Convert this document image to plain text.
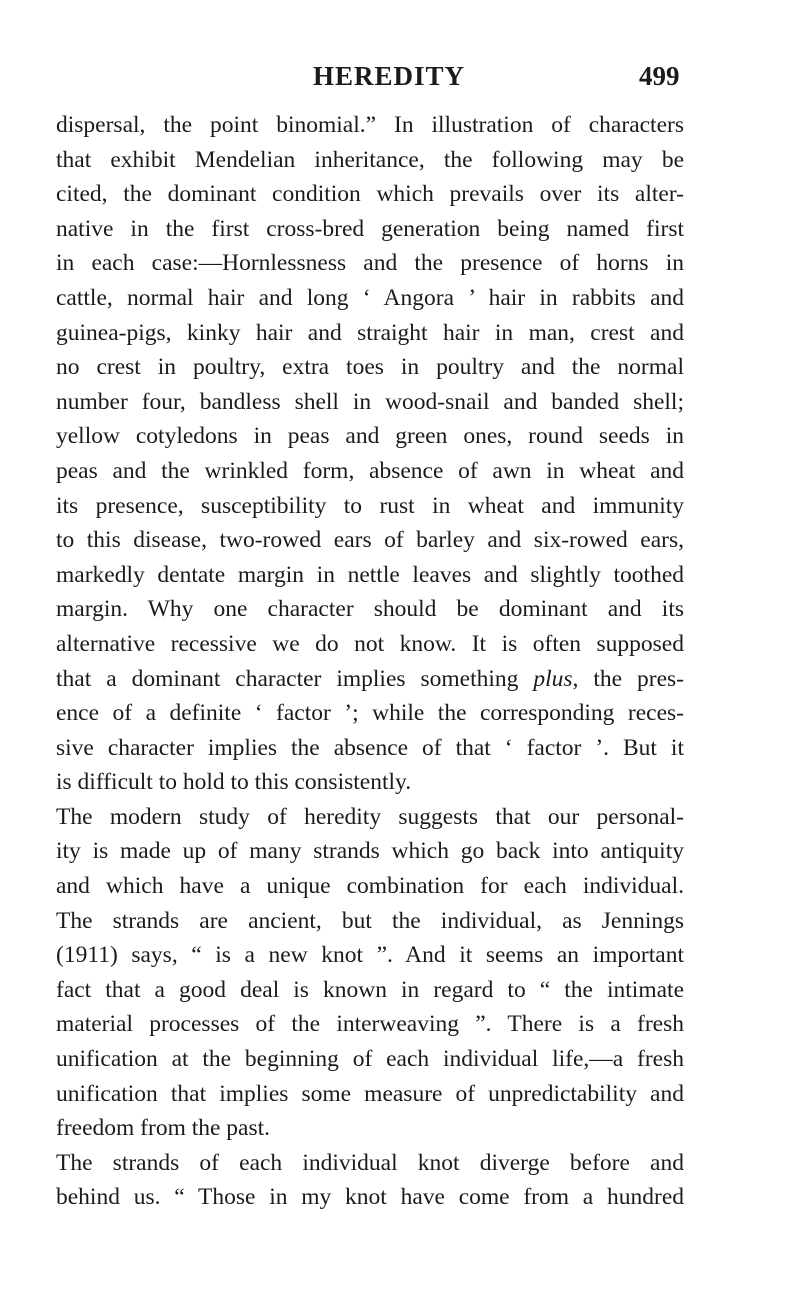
HEREDITY	499
dispersal, the point binomial.” In illustration of characters
that exhibit Mendelian inheritance, the following may be
cited, the dominant condition which prevails over its alter-
native in the first cross-bred generation being named first
in each case:—Hornlessness and the presence of horns in
cattle, normal hair and long ‘ Angora ’ hair in rabbits and
guinea-pigs, kinky hair and straight hair in man, crest and
no crest in poultry, extra toes in poultry and the normal
number four, bandless shell in wood-snail and banded shell;
yellow cotyledons in peas and green ones, round seeds in
peas and the wrinkled form, absence of awn in wheat and
its presence, susceptibility to rust in wheat and immunity
to this disease, two-rowed ears of barley and six-rowed ears,
markedly dentate margin in nettle leaves and slightly toothed
margin. Why one character should be dominant and its
alternative recessive we do not know. It is often supposed
that a dominant character implies something plus, the pres-
ence of a definite ‘ factor ’; while the corresponding reces-
sive character implies the absence of that ‘ factor ’. But it
is difficult to hold to this consistently.
The modern study of heredity suggests that our personal-
ity is made up of many strands which go back into antiquity
and which have a unique combination for each individual.
The strands are ancient, but the individual, as Jennings
(1911) says, “ is a new knot ”. And it seems an important
fact that a good deal is known in regard to “ the intimate
material processes of the interweaving ”. There is a fresh
unification at the beginning of each individual life,—a fresh
unification that implies some measure of unpredictability and
freedom from the past.
The strands of each individual knot diverge before and
behind us. “ Those in my knot have come from a hundred
